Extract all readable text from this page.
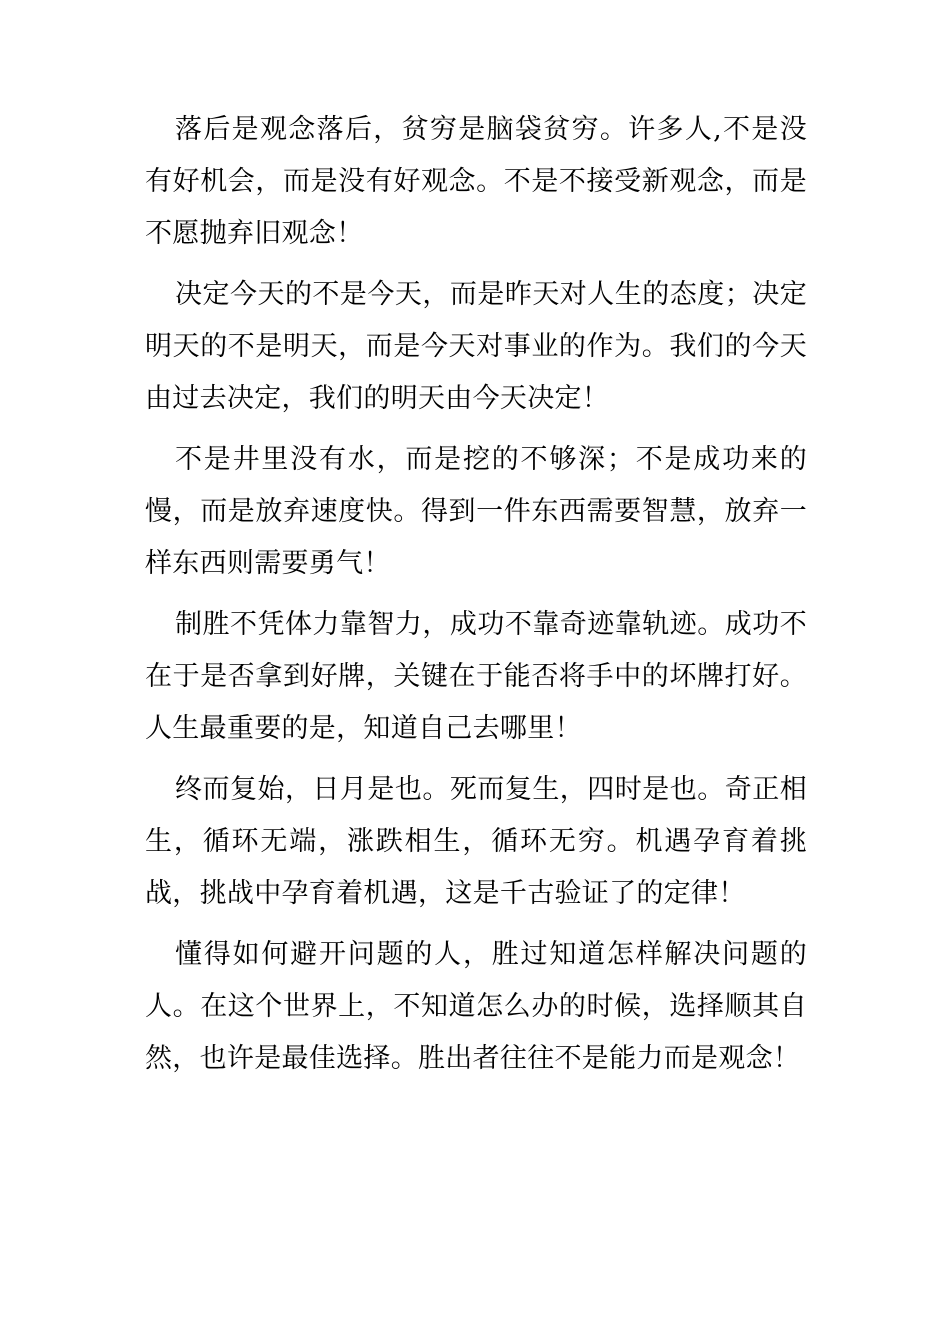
落后是观念落后，贫穷是脑袋贫穷。许多人,不是没有好机会，而是没有好观念。不是不接受新观念，而是不愿抛弃旧观念！

决定今天的不是今天，而是昨天对人生的态度；决定明天的不是明天，而是今天对事业的作为。我们的今天由过去决定，我们的明天由今天决定！

不是井里没有水，而是挖的不够深；不是成功来的慢，而是放弃速度快。得到一件东西需要智慧，放弃一样东西则需要勇气！

制胜不凭体力靠智力，成功不靠奇迹靠轨迹。成功不在于是否拿到好牌，关键在于能否将手中的坏牌打好。人生最重要的是，知道自己去哪里！

终而复始，日月是也。死而复生，四时是也。奇正相生，循环无端，涨跌相生，循环无穷。机遇孕育着挑战，挑战中孕育着机遇，这是千古验证了的定律！

懂得如何避开问题的人，胜过知道怎样解决问题的人。在这个世界上，不知道怎么办的时候，选择顺其自然，也许是最佳选择。胜出者往往不是能力而是观念！
